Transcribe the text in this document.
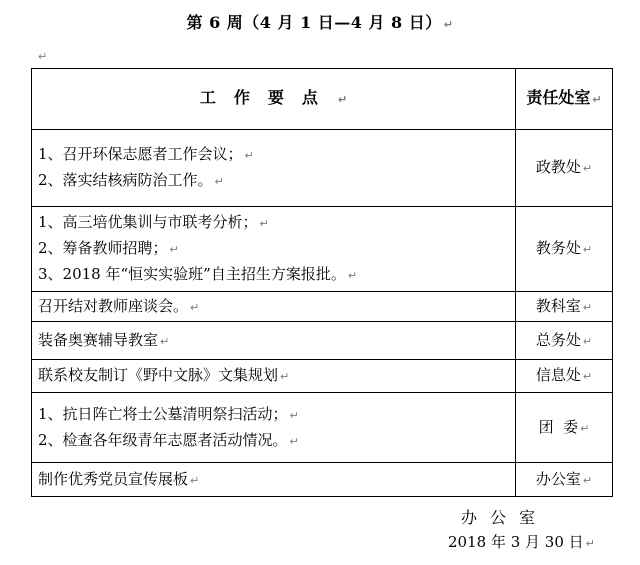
第 6 周（4 月 1 日—4 月 8 日） ↵
↵
工作要点 ↵	责任处室 ↵

1、召开环保志愿者工作会议； ↵
2、落实结核病防治工作。 ↵	政教处 ↵

1、高三培优集训与市联考分析； ↵
2、筹备教师招聘； ↵
3、2018 年“恒实实验班”自主招生方案报批。 ↵	教务处 ↵

召开结对教师座谈会。 ↵	教科室 ↵

装备奥赛辅导教室 ↵	总务处 ↵

联系校友制订《野中文脉》文集规划 ↵	信息处 ↵

1、抗日阵亡将士公墓清明祭扫活动； ↵
2、检查各年级青年志愿者活动情况。 ↵	团  委 ↵

制作优秀党员宣传展板 ↵	办公室 ↵
办公室
2018 年 3 月 30 日 ↵
